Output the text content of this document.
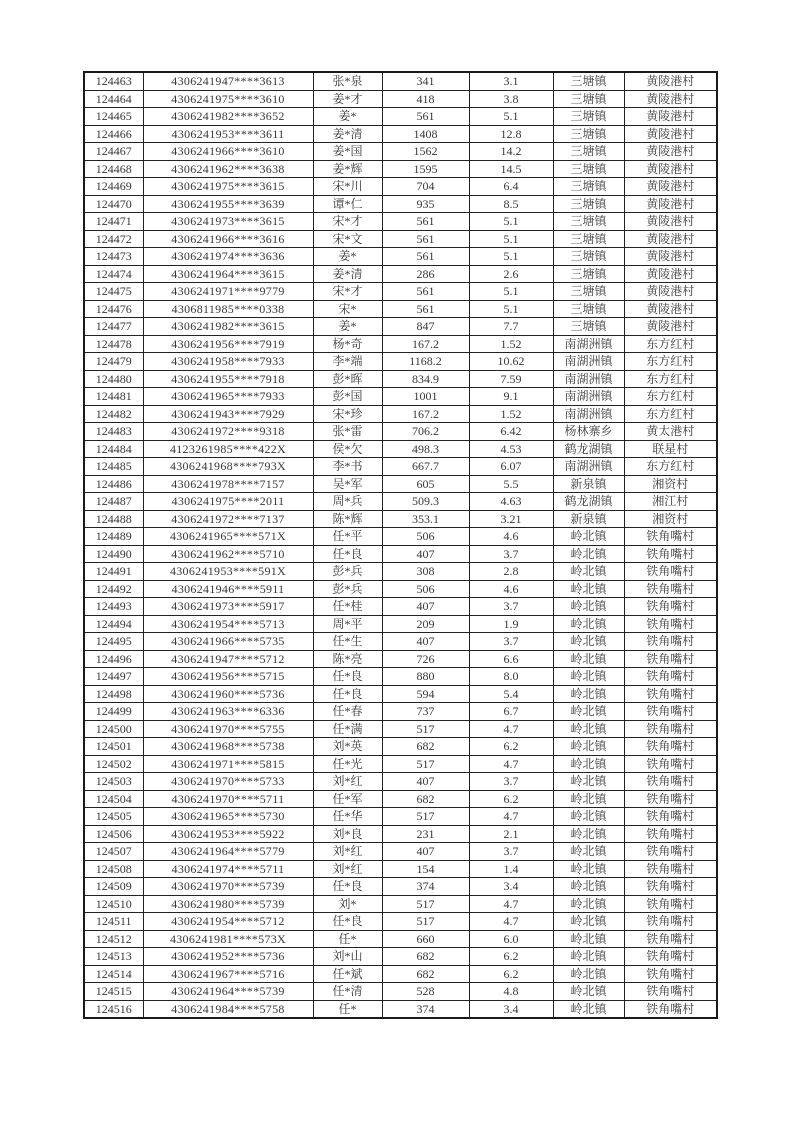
124463	4306241947****3613	张*泉	341	3.1	三塘镇	黄陵港村
124464	4306241975****3610	姜*才	418	3.8	三塘镇	黄陵港村
124465	4306241982****3652	姜*	561	5.1	三塘镇	黄陵港村
124466	4306241953****3611	姜*清	1408	12.8	三塘镇	黄陵港村
124467	4306241966****3610	姜*国	1562	14.2	三塘镇	黄陵港村
124468	4306241962****3638	姜*辉	1595	14.5	三塘镇	黄陵港村
124469	4306241975****3615	宋*川	704	6.4	三塘镇	黄陵港村
124470	4306241955****3639	谭*仁	935	8.5	三塘镇	黄陵港村
124471	4306241973****3615	宋*才	561	5.1	三塘镇	黄陵港村
124472	4306241966****3616	宋*文	561	5.1	三塘镇	黄陵港村
124473	4306241974****3636	姜*	561	5.1	三塘镇	黄陵港村
124474	4306241964****3615	姜*清	286	2.6	三塘镇	黄陵港村
124475	4306241971****9779	宋*才	561	5.1	三塘镇	黄陵港村
124476	4306811985****0338	宋*	561	5.1	三塘镇	黄陵港村
124477	4306241982****3615	姜*	847	7.7	三塘镇	黄陵港村
124478	4306241956****7919	杨*奇	167.2	1.52	南湖洲镇	东方红村
124479	4306241958****7933	李*端	1168.2	10.62	南湖洲镇	东方红村
124480	4306241955****7918	彭*晖	834.9	7.59	南湖洲镇	东方红村
124481	4306241965****7933	彭*国	1001	9.1	南湖洲镇	东方红村
124482	4306241943****7929	宋*珍	167.2	1.52	南湖洲镇	东方红村
124483	4306241972****9318	张*雷	706.2	6.42	杨林寨乡	黄太港村
124484	4123261985****422X	侯*欠	498.3	4.53	鹤龙湖镇	联星村
124485	4306241968****793X	李*书	667.7	6.07	南湖洲镇	东方红村
124486	4306241978****7157	吴*军	605	5.5	新泉镇	湘资村
124487	4306241975****2011	周*兵	509.3	4.63	鹤龙湖镇	湘江村
124488	4306241972****7137	陈*辉	353.1	3.21	新泉镇	湘资村
124489	4306241965****571X	任*平	506	4.6	岭北镇	铁角嘴村
124490	4306241962****5710	任*良	407	3.7	岭北镇	铁角嘴村
124491	4306241953****591X	彭*兵	308	2.8	岭北镇	铁角嘴村
124492	4306241946****5911	彭*兵	506	4.6	岭北镇	铁角嘴村
124493	4306241973****5917	任*桂	407	3.7	岭北镇	铁角嘴村
124494	4306241954****5713	周*平	209	1.9	岭北镇	铁角嘴村
124495	4306241966****5735	任*生	407	3.7	岭北镇	铁角嘴村
124496	4306241947****5712	陈*亮	726	6.6	岭北镇	铁角嘴村
124497	4306241956****5715	任*良	880	8.0	岭北镇	铁角嘴村
124498	4306241960****5736	任*良	594	5.4	岭北镇	铁角嘴村
124499	4306241963****6336	任*春	737	6.7	岭北镇	铁角嘴村
124500	4306241970****5755	任*满	517	4.7	岭北镇	铁角嘴村
124501	4306241968****5738	刘*英	682	6.2	岭北镇	铁角嘴村
124502	4306241971****5815	任*光	517	4.7	岭北镇	铁角嘴村
124503	4306241970****5733	刘*红	407	3.7	岭北镇	铁角嘴村
124504	4306241970****5711	任*军	682	6.2	岭北镇	铁角嘴村
124505	4306241965****5730	任*华	517	4.7	岭北镇	铁角嘴村
124506	4306241953****5922	刘*良	231	2.1	岭北镇	铁角嘴村
124507	4306241964****5779	刘*红	407	3.7	岭北镇	铁角嘴村
124508	4306241974****5711	刘*红	154	1.4	岭北镇	铁角嘴村
124509	4306241970****5739	任*良	374	3.4	岭北镇	铁角嘴村
124510	4306241980****5739	刘*	517	4.7	岭北镇	铁角嘴村
124511	4306241954****5712	任*良	517	4.7	岭北镇	铁角嘴村
124512	4306241981****573X	任*	660	6.0	岭北镇	铁角嘴村
124513	4306241952****5736	刘*山	682	6.2	岭北镇	铁角嘴村
124514	4306241967****5716	任*斌	682	6.2	岭北镇	铁角嘴村
124515	4306241964****5739	任*清	528	4.8	岭北镇	铁角嘴村
124516	4306241984****5758	任*	374	3.4	岭北镇	铁角嘴村
